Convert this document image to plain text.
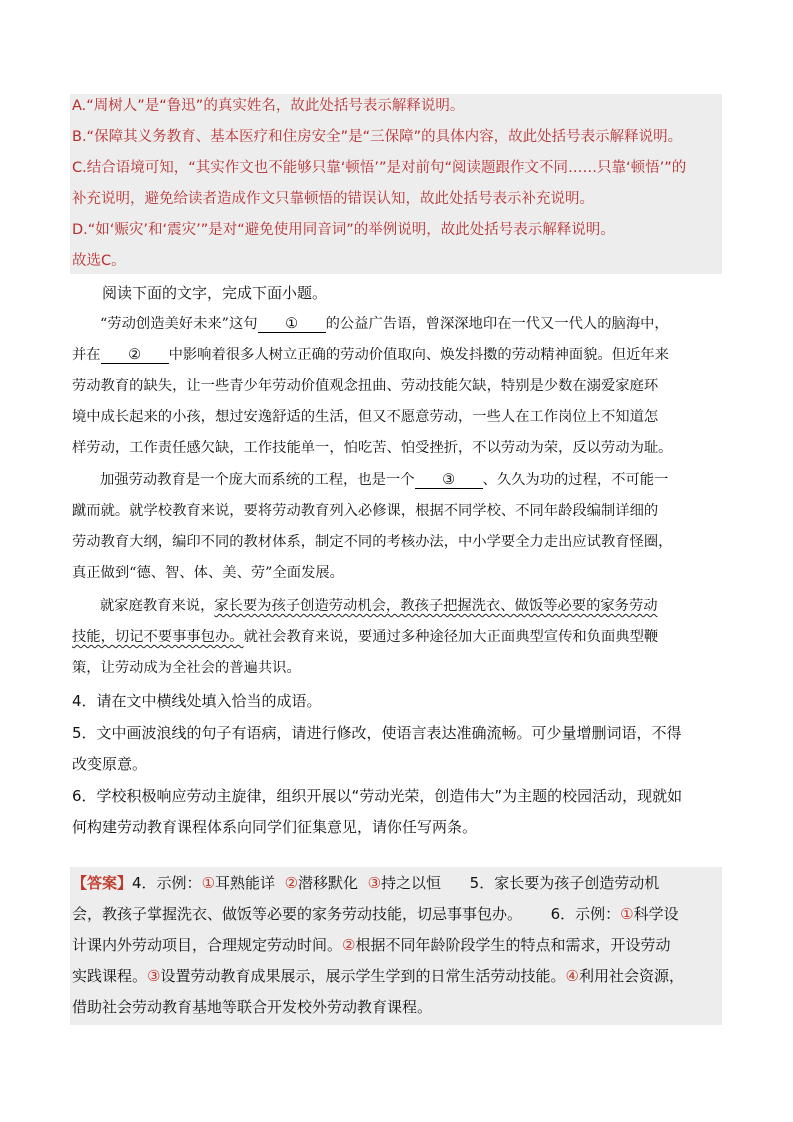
A.“周树人”是“鲁迅”的真实姓名，故此处括号表示解释说明。
B.“保障其义务教育、基本医疗和住房安全”是“三保障”的具体内容，故此处括号表示解释说明。
C.结合语境可知，“其实作文也不能够只靠‘顿悟’”是对前句“阅读题跟作文不同……只靠‘顿悟’”的
补充说明，避免给读者造成作文只靠顿悟的错误认知，故此处括号表示补充说明。
D.“如‘赈灾’和‘震灾’”是对“避免使用同音词”的举例说明，故此处括号表示解释说明。
故选C。
阅读下面的文字，完成下面小题。
“劳动创造美好未来”这句 ① 的公益广告语，曾深深地印在一代又一代人的脑海中，
并在 ② 中影响着很多人树立正确的劳动价值取向、焕发抖擞的劳动精神面貌。但近年来
劳动教育的缺失，让一些青少年劳动价值观念扭曲、劳动技能欠缺，特别是少数在溺爱家庭环
境中成长起来的小孩，想过安逸舒适的生活，但又不愿意劳动，一些人在工作岗位上不知道怎
样劳动，工作责任感欠缺，工作技能单一，怕吃苦、怕受挫折，不以劳动为荣，反以劳动为耻。
加强劳动教育是一个庞大而系统的工程，也是一个 ③ 、久久为功的过程，不可能一
蹴而就。就学校教育来说，要将劳动教育列入必修课，根据不同学校、不同年龄段编制详细的
劳动教育大纲，编印不同的教材体系，制定不同的考核办法，中小学要全力走出应试教育怪圈，
真正做到“德、智、体、美、劳”全面发展。
就家庭教育来说，家长要为孩子创造劳动机会，教孩子把握洗衣、做饭等必要的家务劳动
技能，切记不要事事包办。就社会教育来说，要通过多种途径加大正面典型宣传和负面典型鞭
策，让劳动成为全社会的普遍共识。
4．请在文中横线处填入恰当的成语。
5．文中画波浪线的句子有语病，请进行修改，使语言表达准确流畅。可少量增删词语，不得
改变原意。
6．学校积极响应劳动主旋律，组织开展以“劳动光荣，创造伟大”为主题的校园活动，现就如
何构建劳动教育课程体系向同学们征集意见，请你任写两条。
【答案】4．示例：①耳熟能详 ②潜移默化 ③持之以恒 5．家长要为孩子创造劳动机
会，教孩子掌握洗衣、做饭等必要的家务劳动技能，切忌事事包办。 6．示例：①科学设
计课内外劳动项目，合理规定劳动时间。②根据不同年龄阶段学生的特点和需求，开设劳动
实践课程。③设置劳动教育成果展示，展示学生学到的日常生活劳动技能。④利用社会资源，
借助社会劳动教育基地等联合开发校外劳动教育课程。
